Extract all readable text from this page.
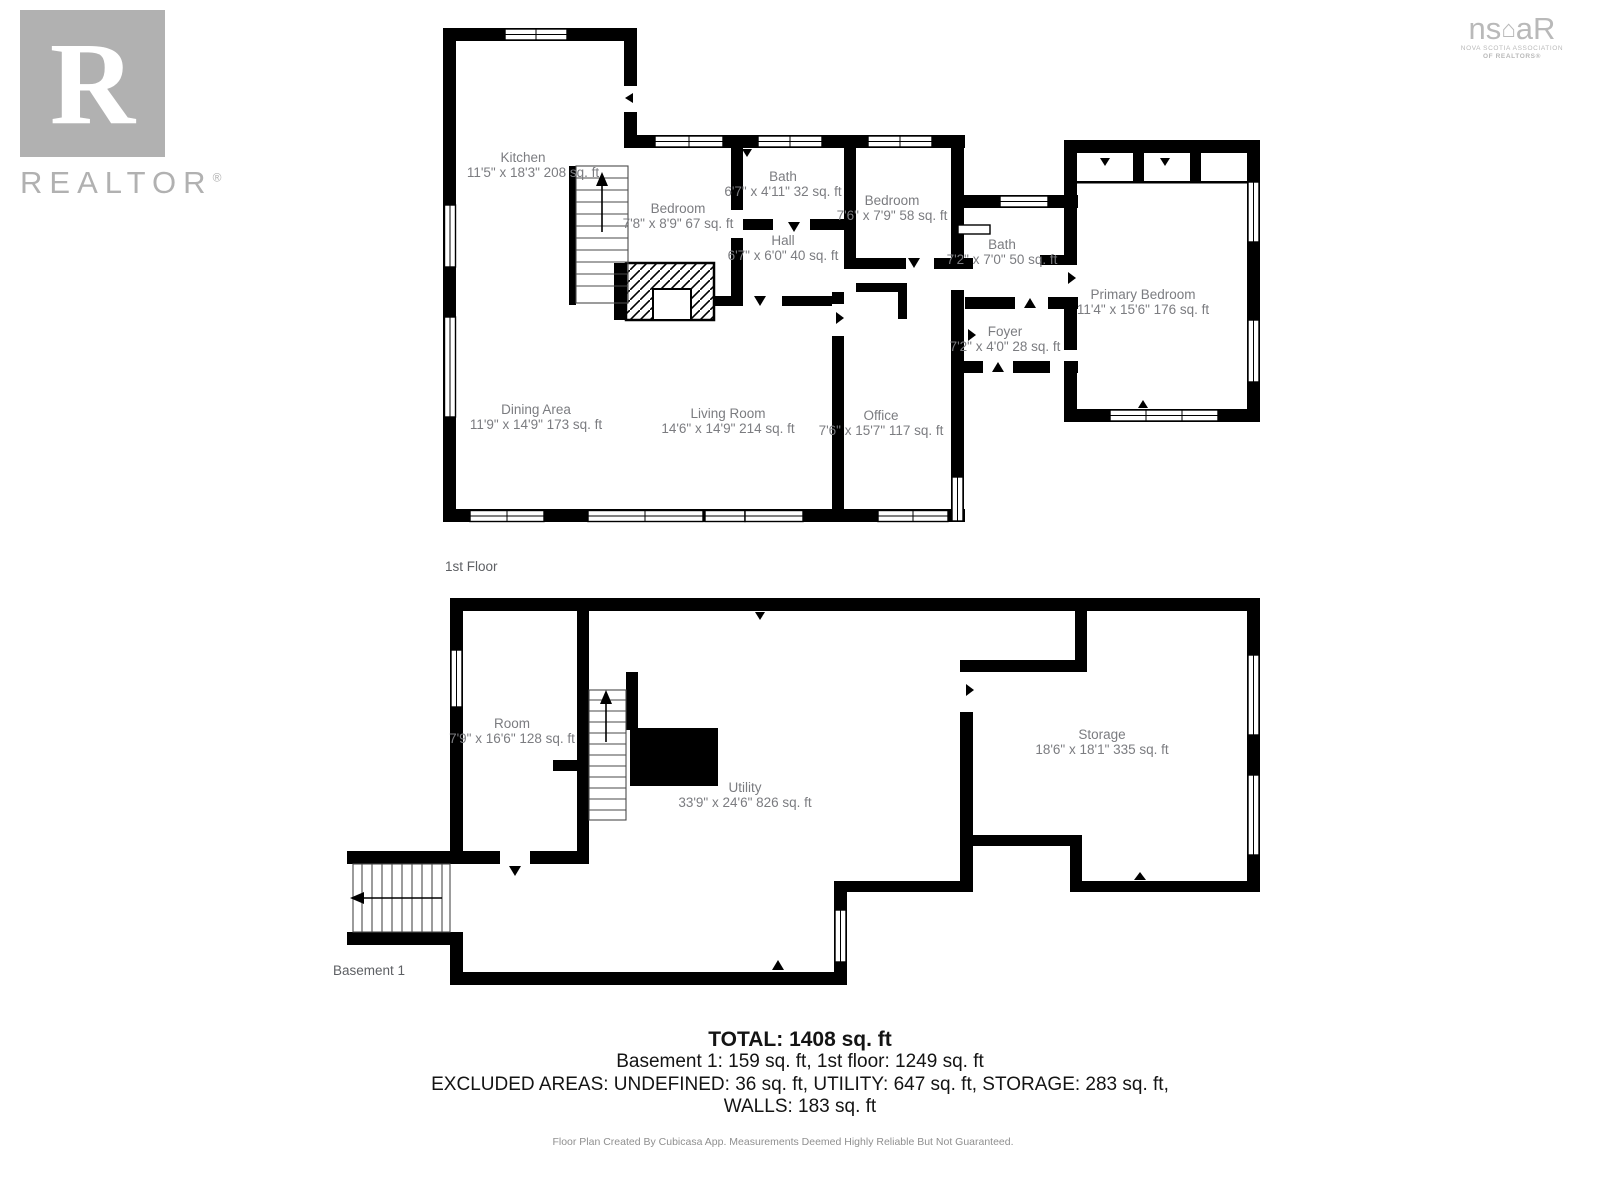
R
REALTOR®
ns⌂aR
NOVA SCOTIA ASSOCIATION
OF REALTORS®
Kitchen
11'5" x 18'3" 208 sq. ft
Bedroom
7'8" x 8'9" 67 sq. ft
Bath
6'7" x 4'11" 32 sq. ft
Hall
6'7" x 6'0" 40 sq. ft
Bedroom
7'6" x 7'9" 58 sq. ft
Bath
7'2" x 7'0" 50 sq. ft
Foyer
7'2" x 4'0" 28 sq. ft
Primary Bedroom
11'4" x 15'6" 176 sq. ft
Dining Area
11'9" x 14'9" 173 sq. ft
Living Room
14'6" x 14'9" 214 sq. ft
Office
7'6" x 15'7" 117 sq. ft
1st Floor
Room
7'9" x 16'6" 128 sq. ft
Utility
33'9" x 24'6" 826 sq. ft
Storage
18'6" x 18'1" 335 sq. ft
Basement 1
TOTAL: 1408 sq. ft
Basement 1: 159 sq. ft, 1st floor: 1249 sq. ft
EXCLUDED AREAS: UNDEFINED: 36 sq. ft, UTILITY: 647 sq. ft, STORAGE: 283 sq. ft,
WALLS: 183 sq. ft
Floor Plan Created By Cubicasa App. Measurements Deemed Highly Reliable But Not Guaranteed.
